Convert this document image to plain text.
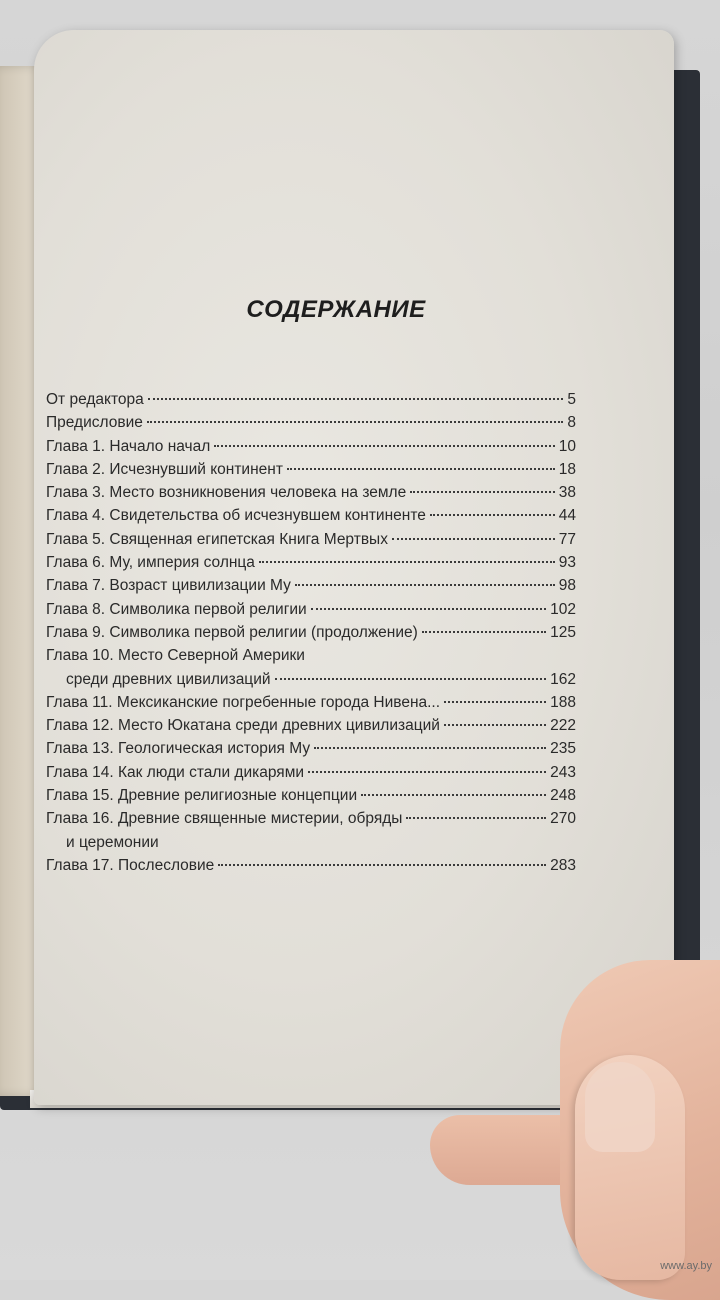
СОДЕРЖАНИЕ
От редактора	5
Предисловие	8
Глава 1. Начало начал	10
Глава 2. Исчезнувший континент	18
Глава 3. Место возникновения человека на земле	38
Глава 4. Свидетельства об исчезнувшем континенте	44
Глава 5. Священная египетская Книга Мертвых	77
Глава 6. Му, империя солнца	93
Глава 7. Возраст цивилизации Му	98
Глава 8. Символика первой религии	102
Глава 9. Символика первой религии (продолжение)	125
Глава 10. Место Северной Америки
среди древних цивилизаций	162
Глава 11. Мексиканские погребенные города Нивена...	188
Глава 12. Место Юкатана среди древних цивилизаций	222
Глава 13. Геологическая история Му	235
Глава 14. Как люди стали дикарями	243
Глава 15. Древние религиозные концепции	248
Глава 16. Древние священные мистерии, обряды	270
и церемонии
Глава 17. Послесловие	283
www.ay.by
